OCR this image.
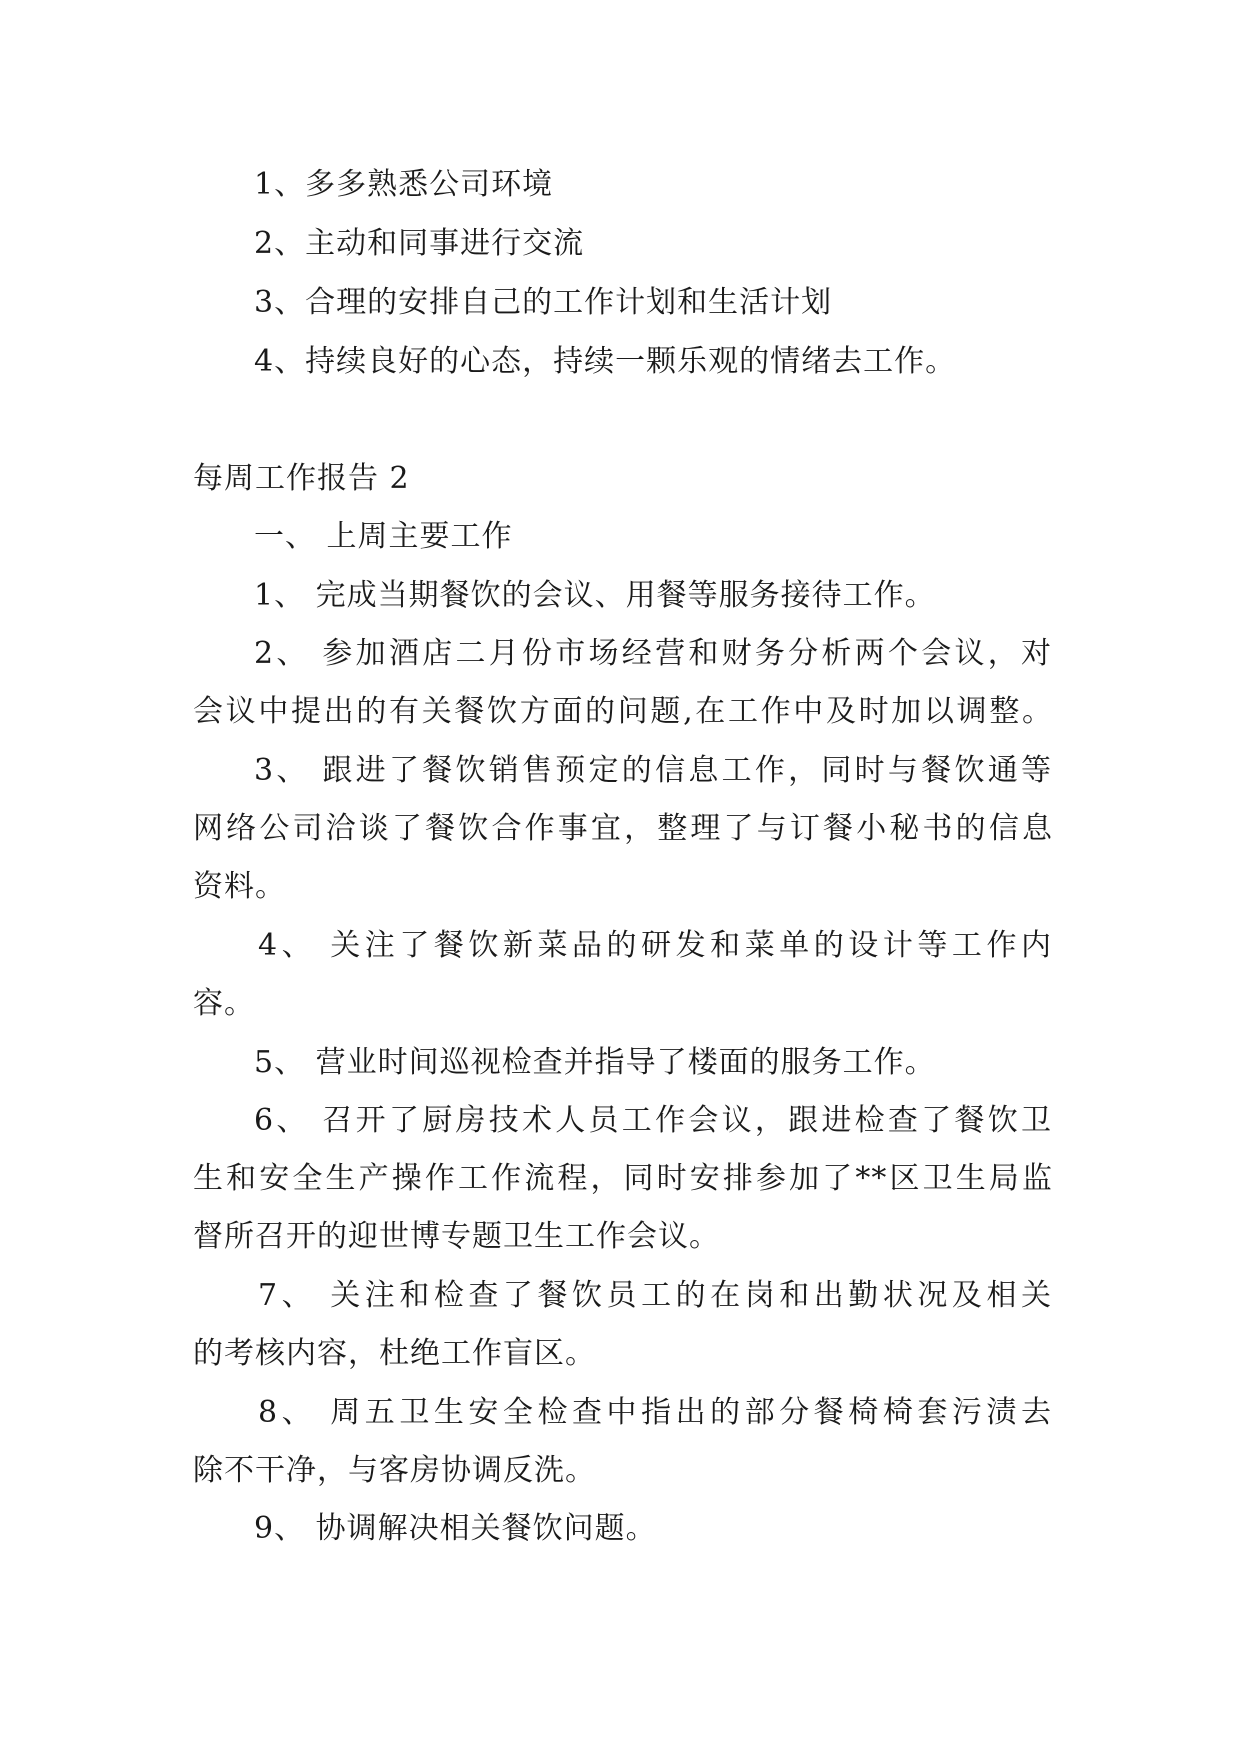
1、多多熟悉公司环境
2、主动和同事进行交流
3、合理的安排自己的工作计划和生活计划
4、持续良好的心态，持续一颗乐观的情绪去工作。
每周工作报告 2
一、 上周主要工作
1、 完成当期餐饮的会议、用餐等服务接待工作。
2、 参加酒店二月份市场经营和财务分析两个会议，对
会议中提出的有关餐饮方面的问题,在工作中及时加以调整。
3、 跟进了餐饮销售预定的信息工作，同时与餐饮通等
网络公司洽谈了餐饮合作事宜，整理了与订餐小秘书的信息
资料。
4、 关注了餐饮新菜品的研发和菜单的设计等工作内
容。
5、 营业时间巡视检查并指导了楼面的服务工作。
6、 召开了厨房技术人员工作会议，跟进检查了餐饮卫
生和安全生产操作工作流程，同时安排参加了**区卫生局监
督所召开的迎世博专题卫生工作会议。
7、 关注和检查了餐饮员工的在岗和出勤状况及相关
的考核内容，杜绝工作盲区。
8、 周五卫生安全检查中指出的部分餐椅椅套污渍去
除不干净，与客房协调反洗。
9、 协调解决相关餐饮问题。
